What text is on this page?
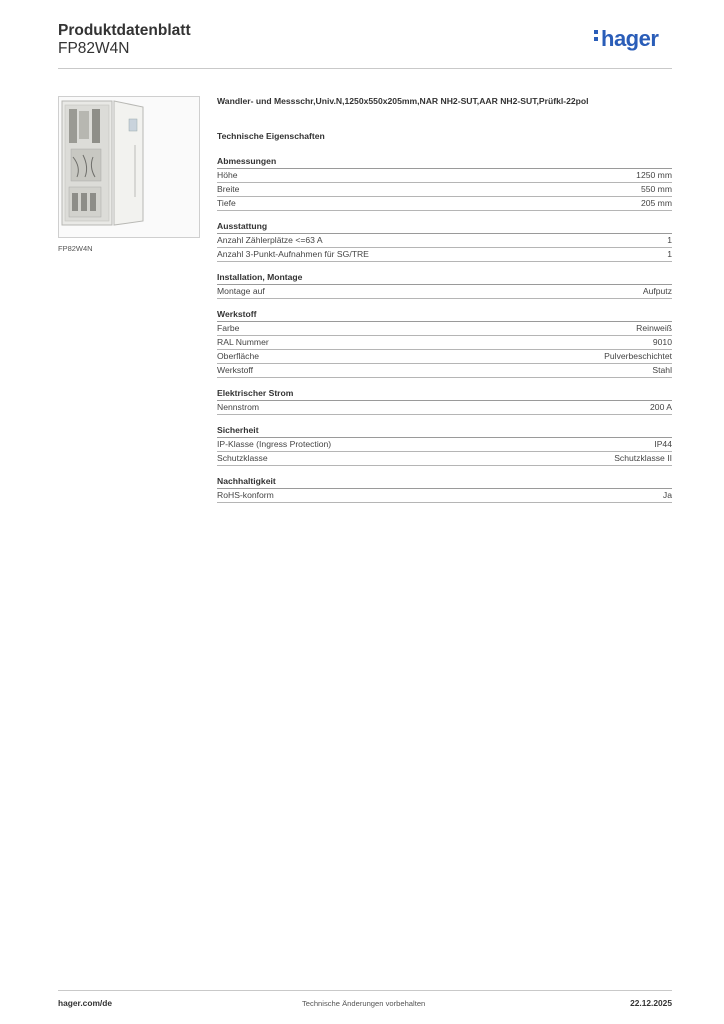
Produktdatenblatt
FP82W4N	hager
FP82W4N
Wandler- und Messschr,Univ.N,1250x550x205mm,NAR NH2-SUT,AAR NH2-SUT,Prüfkl-22pol
Technische Eigenschaften
Abmessungen
Höhe	1250 mm
Breite	550 mm
Tiefe	205 mm
Ausstattung
Anzahl Zählerplätze <=63 A	1
Anzahl 3-Punkt-Aufnahmen für SG/TRE	1
Installation, Montage
Montage auf	Aufputz
Werkstoff
Farbe	Reinweiß
RAL Nummer	9010
Oberfläche	Pulverbeschichtet
Werkstoff	Stahl
Elektrischer Strom
Nennstrom	200 A
Sicherheit
IP-Klasse (Ingress Protection)	IP44
Schutzklasse	Schutzklasse II
Nachhaltigkeit
RoHS-konform	Ja
hager.com/de	Technische Änderungen vorbehalten	22.12.2025
